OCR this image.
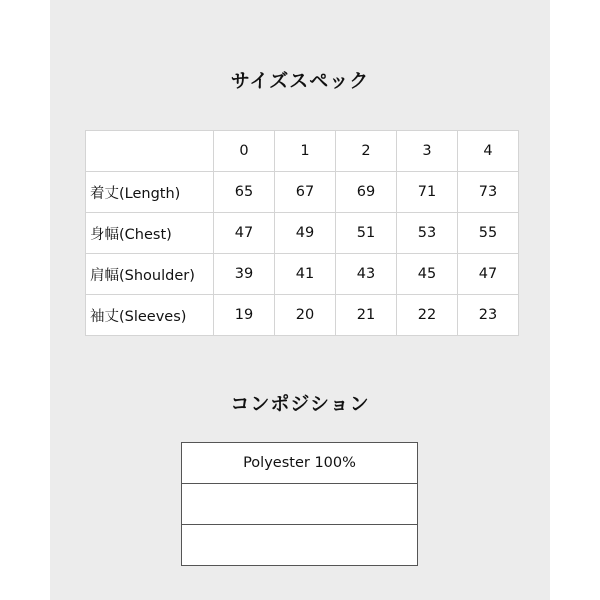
サイズスペック
	0	1	2	3	4
着丈(Length)	65	67	69	71	73
身幅(Chest)	47	49	51	53	55
肩幅(Shoulder)	39	41	43	45	47
袖丈(Sleeves)	19	20	21	22	23
コンポジション
Polyester 100%
